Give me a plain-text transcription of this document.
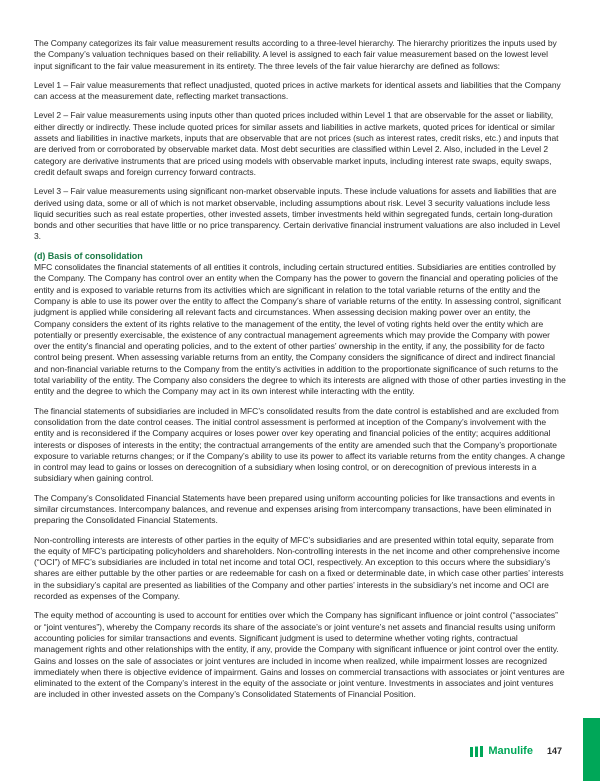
The Company categorizes its fair value measurement results according to a three-level hierarchy. The hierarchy prioritizes the inputs used by the Company’s valuation techniques based on their reliability. A level is assigned to each fair value measurement based on the lowest level input significant to the fair value measurement in its entirety. The three levels of the fair value hierarchy are defined as follows:

Level 1 – Fair value measurements that reflect unadjusted, quoted prices in active markets for identical assets and liabilities that the Company can access at the measurement date, reflecting market transactions.

Level 2 – Fair value measurements using inputs other than quoted prices included within Level 1 that are observable for the asset or liability, either directly or indirectly. These include quoted prices for similar assets and liabilities in active markets, quoted prices for identical or similar assets and liabilities in inactive markets, inputs that are observable that are not prices (such as interest rates, credit risks, etc.) and inputs that are derived from or corroborated by observable market data. Most debt securities are classified within Level 2. Also, included in the Level 2 category are derivative instruments that are priced using models with observable market inputs, including interest rate swaps, equity swaps, credit default swaps and foreign currency forward contracts.

Level 3 – Fair value measurements using significant non-market observable inputs. These include valuations for assets and liabilities that are derived using data, some or all of which is not market observable, including assumptions about risk. Level 3 security valuations include less liquid securities such as real estate properties, other invested assets, timber investments held within segregated funds, certain long-duration bonds and other securities that have little or no price transparency. Certain derivative financial instrument valuations are also included in Level 3.

(d) Basis of consolidation

MFC consolidates the financial statements of all entities it controls, including certain structured entities. Subsidiaries are entities controlled by the Company. The Company has control over an entity when the Company has the power to govern the financial and operating policies of the entity and is exposed to variable returns from its activities which are significant in relation to the total variable returns of the entity and the Company is able to use its power over the entity to affect the Company’s share of variable returns of the entity. In assessing control, significant judgment is applied while considering all relevant facts and circumstances. When assessing decision making power over an entity, the Company considers the extent of its rights relative to the management of the entity, the level of voting rights held over the entity which are potentially or presently exercisable, the existence of any contractual management agreements which may provide the Company with power over the entity’s financial and operating policies, and to the extent of other parties’ ownership in the entity, if any, the possibility for de facto control being present. When assessing variable returns from an entity, the Company considers the significance of direct and indirect financial and non-financial variable returns to the Company from the entity’s activities in addition to the proportionate significance of such returns to the total variability of the entity. The Company also considers the degree to which its interests are aligned with those of other parties investing in the entity and the degree to which the Company may act in its own interest while interacting with the entity.

The financial statements of subsidiaries are included in MFC’s consolidated results from the date control is established and are excluded from consolidation from the date control ceases. The initial control assessment is performed at inception of the Company’s involvement with the entity and is reconsidered if the Company acquires or loses power over key operating and financial policies of the entity; acquires additional interests or disposes of interests in the entity; the contractual arrangements of the entity are amended such that the Company’s proportionate exposure to variable returns changes; or if the Company’s ability to use its power to affect its variable returns from the entity changes. A change in control may lead to gains or losses on derecognition of a subsidiary when losing control, or on derecognition of previous interests in a subsidiary when gaining control.

The Company’s Consolidated Financial Statements have been prepared using uniform accounting policies for like transactions and events in similar circumstances. Intercompany balances, and revenue and expenses arising from intercompany transactions, have been eliminated in preparing the Consolidated Financial Statements.

Non-controlling interests are interests of other parties in the equity of MFC’s subsidiaries and are presented within total equity, separate from the equity of MFC’s participating policyholders and shareholders. Non-controlling interests in the net income and other comprehensive income (“OCI”) of MFC’s subsidiaries are included in total net income and total OCI, respectively. An exception to this occurs where the subsidiary’s shares are either puttable by the other parties or are redeemable for cash on a fixed or determinable date, in which case other parties’ interests in the subsidiary’s capital are presented as liabilities of the Company and other parties’ interests in the subsidiary’s net income and OCI are recorded as expenses of the Company.

The equity method of accounting is used to account for entities over which the Company has significant influence or joint control (“associates” or “joint ventures”), whereby the Company records its share of the associate’s or joint venture’s net assets and financial results using uniform accounting policies for similar transactions and events. Significant judgment is used to determine whether voting rights, contractual management rights and other relationships with the entity, if any, provide the Company with significant influence or joint control over the entity. Gains and losses on the sale of associates or joint ventures are included in income when realized, while impairment losses are recognized immediately when there is objective evidence of impairment. Gains and losses on commercial transactions with associates or joint ventures are eliminated to the extent of the Company’s interest in the equity of the associate or joint venture. Investments in associates and joint ventures are included in other invested assets on the Company’s Consolidated Statements of Financial Position.

Manulife 147
